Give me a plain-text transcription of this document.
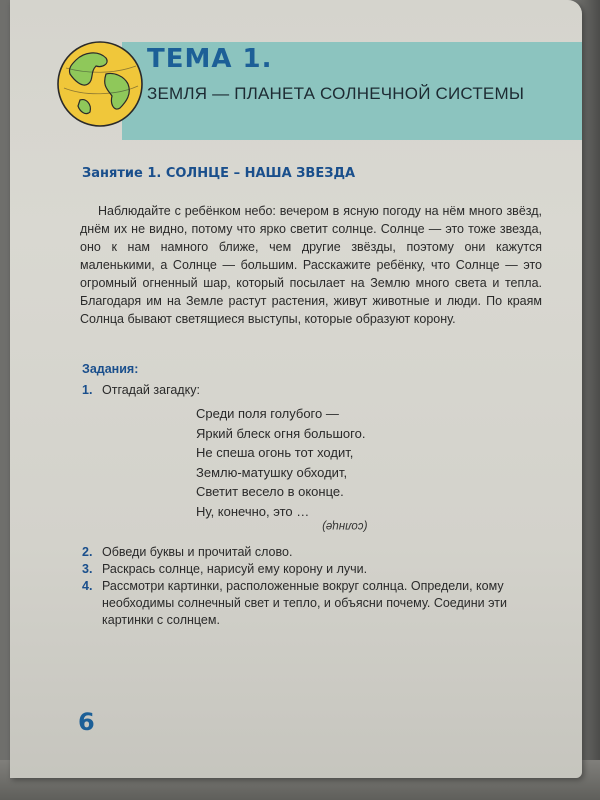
ТЕМА 1.
ЗЕМЛЯ — ПЛАНЕТА СОЛНЕЧНОЙ СИСТЕМЫ
Занятие 1. СОЛНЦЕ – НАША ЗВЕЗДА
Наблюдайте с ребёнком небо: вечером в ясную погоду на нём много звёзд, днём их не видно, потому что ярко светит солнце. Солнце — это тоже звезда, оно к нам намного ближе, чем другие звёзды, поэтому они кажутся маленькими, а Солнце — большим. Расскажите ребёнку, что Солнце — это огромный огненный шар, который посылает на Землю много света и тепла. Благодаря им на Земле растут растения, живут животные и люди. По краям Солнца бывают светящиеся выступы, которые образуют корону.
Задания:
1. Отгадай загадку:
Среди поля голубого —
Яркий блеск огня большого.
Не спеша огонь тот ходит,
Землю-матушку обходит,
Светит весело в оконце.
Ну, конечно, это …
(солнце)
2. Обведи буквы и прочитай слово.
3. Раскрась солнце, нарисуй ему корону и лучи.
4. Рассмотри картинки, расположенные вокруг солнца. Определи, кому необходимы солнечный свет и тепло, и объясни почему. Соедини эти картинки с солнцем.
6
